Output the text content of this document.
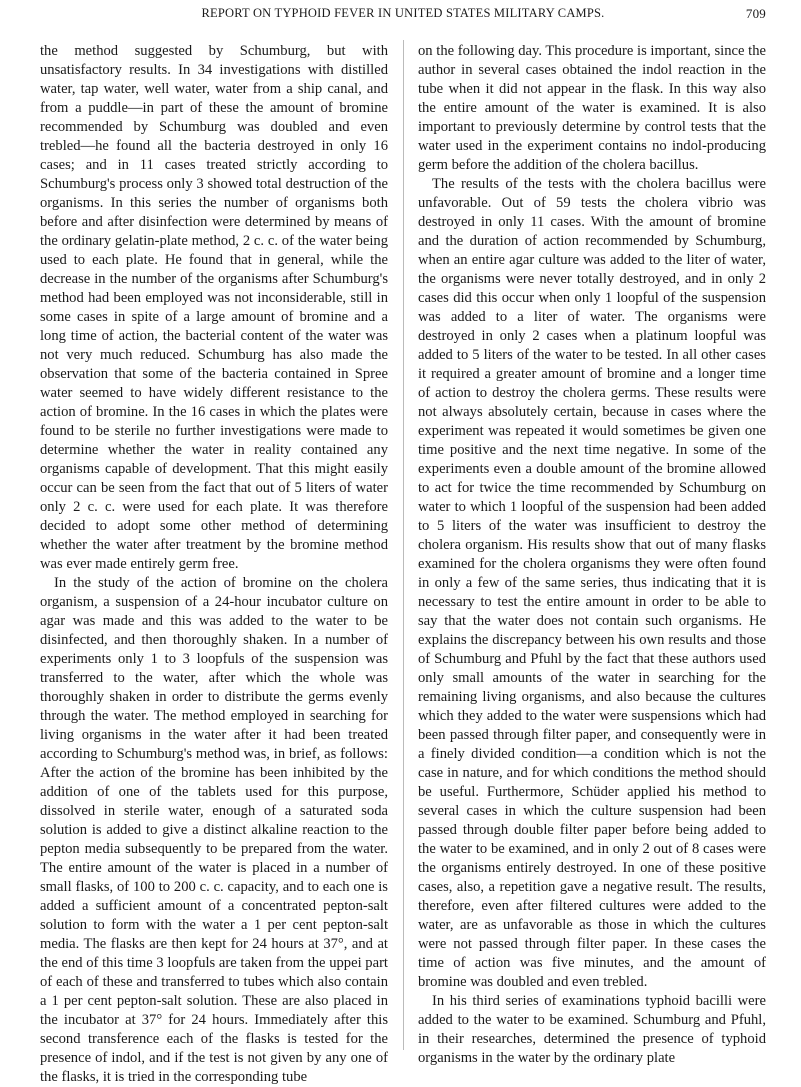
REPORT ON TYPHOID FEVER IN UNITED STATES MILITARY CAMPS.	709

the method suggested by Schumburg, but with unsatisfactory results. In 34 investigations with distilled water, tap water, well water, water from a ship canal, and from a puddle—in part of these the amount of bromine recommended by Schumburg was doubled and even trebled—he found all the bacteria destroyed in only 16 cases; and in 11 cases treated strictly according to Schumburg's process only 3 showed total destruction of the organisms. In this series the number of organisms both before and after disinfection were determined by means of the ordinary gelatin-plate method, 2 c. c. of the water being used to each plate. He found that in general, while the decrease in the number of the organisms after Schumburg's method had been employed was not inconsiderable, still in some cases in spite of a large amount of bromine and a long time of action, the bacterial content of the water was not very much reduced. Schumburg has also made the observation that some of the bacteria contained in Spree water seemed to have widely different resistance to the action of bromine. In the 16 cases in which the plates were found to be sterile no further investigations were made to determine whether the water in reality contained any organisms capable of development. That this might easily occur can be seen from the fact that out of 5 liters of water only 2 c. c. were used for each plate. It was therefore decided to adopt some other method of determining whether the water after treatment by the bromine method was ever made entirely germ free.

In the study of the action of bromine on the cholera organism, a suspension of a 24-hour incubator culture on agar was made and this was added to the water to be disinfected, and then thoroughly shaken. In a number of experiments only 1 to 3 loopfuls of the suspension was transferred to the water, after which the whole was thoroughly shaken in order to distribute the germs evenly through the water. The method employed in searching for living organisms in the water after it had been treated according to Schumburg's method was, in brief, as follows: After the action of the bromine has been inhibited by the addition of one of the tablets used for this purpose, dissolved in sterile water, enough of a saturated soda solution is added to give a distinct alkaline reaction to the pepton media subsequently to be prepared from the water. The entire amount of the water is placed in a number of small flasks, of 100 to 200 c. c. capacity, and to each one is added a sufficient amount of a concentrated pepton-salt solution to form with the water a 1 per cent pepton-salt media. The flasks are then kept for 24 hours at 37°, and at the end of this time 3 loopfuls are taken from the uppei part of each of these and transferred to tubes which also contain a 1 per cent pepton-salt solution. These are also placed in the incubator at 37° for 24 hours. Immediately after this second transference each of the flasks is tested for the presence of indol, and if the test is not given by any one of the flasks, it is tried in the corresponding tube

on the following day. This procedure is important, since the author in several cases obtained the indol reaction in the tube when it did not appear in the flask. In this way also the entire amount of the water is examined. It is also important to previously determine by control tests that the water used in the experiment contains no indol-producing germ before the addition of the cholera bacillus.

The results of the tests with the cholera bacillus were unfavorable. Out of 59 tests the cholera vibrio was destroyed in only 11 cases. With the amount of bromine and the duration of action recommended by Schumburg, when an entire agar culture was added to the liter of water, the organisms were never totally destroyed, and in only 2 cases did this occur when only 1 loopful of the suspension was added to a liter of water. The organisms were destroyed in only 2 cases when a platinum loopful was added to 5 liters of the water to be tested. In all other cases it required a greater amount of bromine and a longer time of action to destroy the cholera germs. These results were not always absolutely certain, because in cases where the experiment was repeated it would sometimes be given one time positive and the next time negative. In some of the experiments even a double amount of the bromine allowed to act for twice the time recommended by Schumburg on water to which 1 loopful of the suspension had been added to 5 liters of the water was insufficient to destroy the cholera organism. His results show that out of many flasks examined for the cholera organisms they were often found in only a few of the same series, thus indicating that it is necessary to test the entire amount in order to be able to say that the water does not contain such organisms. He explains the discrepancy between his own results and those of Schumburg and Pfuhl by the fact that these authors used only small amounts of the water in searching for the remaining living organisms, and also because the cultures which they added to the water were suspensions which had been passed through filter paper, and consequently were in a finely divided condition—a condition which is not the case in nature, and for which conditions the method should be useful. Furthermore, Schüder applied his method to several cases in which the culture suspension had been passed through double filter paper before being added to the water to be examined, and in only 2 out of 8 cases were the organisms entirely destroyed. In one of these positive cases, also, a repetition gave a negative result. The results, therefore, even after filtered cultures were added to the water, are as unfavorable as those in which the cultures were not passed through filter paper. In these cases the time of action was five minutes, and the amount of bromine was doubled and even trebled.

In his third series of examinations typhoid bacilli were added to the water to be examined. Schumburg and Pfuhl, in their researches, determined the presence of typhoid organisms in the water by the ordinary plate
